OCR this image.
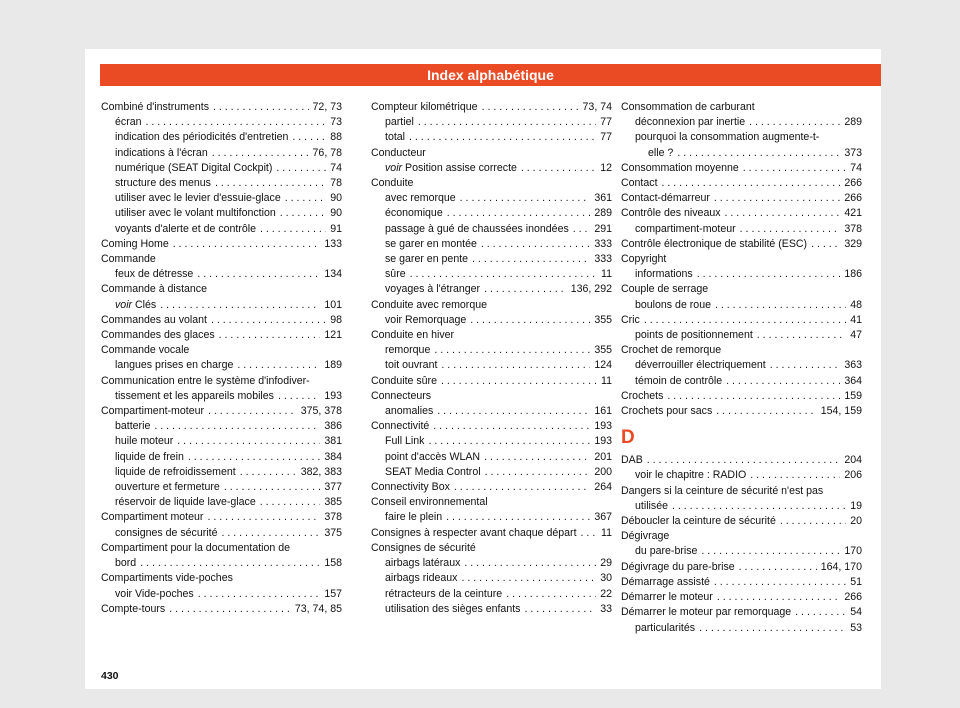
Index alphabétique
Combiné d'instruments . . .	72, 73
écran . . .	73
indication des périodicités d'entretien . . .	88
indications à l'écran . . .	76, 78
numérique (SEAT Digital Cockpit) . . .	74
structure des menus . . .	78
utiliser avec le levier d'essuie-glace . . .	90
utiliser avec le volant multifonction . . .	90
voyants d'alerte et de contrôle . . .	91
Coming Home . . .	133
Commande
feux de détresse . . .	134
Commande à distance
voir Clés . . .	101
Commandes au volant . . .	98
Commandes des glaces . . .	121
Commande vocale
langues prises en charge . . .	189
Communication entre le système d'infodiver-
tissement et les appareils mobiles . . .	193
Compartiment-moteur . . .	375, 378
batterie . . .	386
huile moteur . . .	381
liquide de frein . . .	384
liquide de refroidissement . . .	382, 383
ouverture et fermeture . . .	377
réservoir de liquide lave-glace . . .	385
Compartiment moteur . . .	378
consignes de sécurité . . .	375
Compartiment pour la documentation de
bord . . .	158
Compartiments vide-poches
voir Vide-poches . . .	157
Compte-tours . . .	73, 74, 85
Compteur kilométrique . . .	73, 74
partiel . . .	77
total . . .	77
Conducteur
voir Position assise correcte . . .	12
Conduite
avec remorque . . .	361
économique . . .	289
passage à gué de chaussées inondées . . . 291
se garer en montée . . .	333
se garer en pente . . .	333
sûre . . .	11
voyages à l'étranger . . .	136, 292
Conduite avec remorque
voir Remorquage . . .	355
Conduite en hiver
remorque . . .	355
toit ouvrant . . .	124
Conduite sûre . . .	11
Connecteurs
anomalies . . .	161
Connectivité . . .	193
Full Link . . .	193
point d'accès WLAN . . .	201
SEAT Media Control . . .	200
Connectivity Box . . .	264
Conseil environnemental
faire le plein . . .	367
Consignes à respecter avant chaque départ . . . 11
Consignes de sécurité
airbags latéraux . . .	29
airbags rideaux . . .	30
rétracteurs de la ceinture . . .	22
utilisation des sièges enfants . . .	33
Consommation de carburant
déconnexion par inertie . . .	289
pourquoi la consommation augmente-t-
elle ? . . .	373
Consommation moyenne . . .	74
Contact . . .	266
Contact-démarreur . . .	266
Contrôle des niveaux . . .	421
compartiment-moteur . . .	378
Contrôle électronique de stabilité (ESC) . . .	329
Copyright
informations . . .	186
Couple de serrage
boulons de roue . . .	48
Cric . . .	41
points de positionnement . . .	47
Crochet de remorque
déverrouiller électriquement . . .	363
témoin de contrôle . . .	364
Crochets . . .	159
Crochets pour sacs . . .	154, 159
D
DAB . . .	204
voir le chapitre : RADIO . . .	206
Dangers si la ceinture de sécurité n'est pas
utilisée . . .	19
Déboucler la ceinture de sécurité . . .	20
Dégivrage
du pare-brise . . .	170
Dégivrage du pare-brise . . .	164, 170
Démarrage assisté . . .	51
Démarrer le moteur . . .	266
Démarrer le moteur par remorquage . . .	54
particularités . . .	53
430
